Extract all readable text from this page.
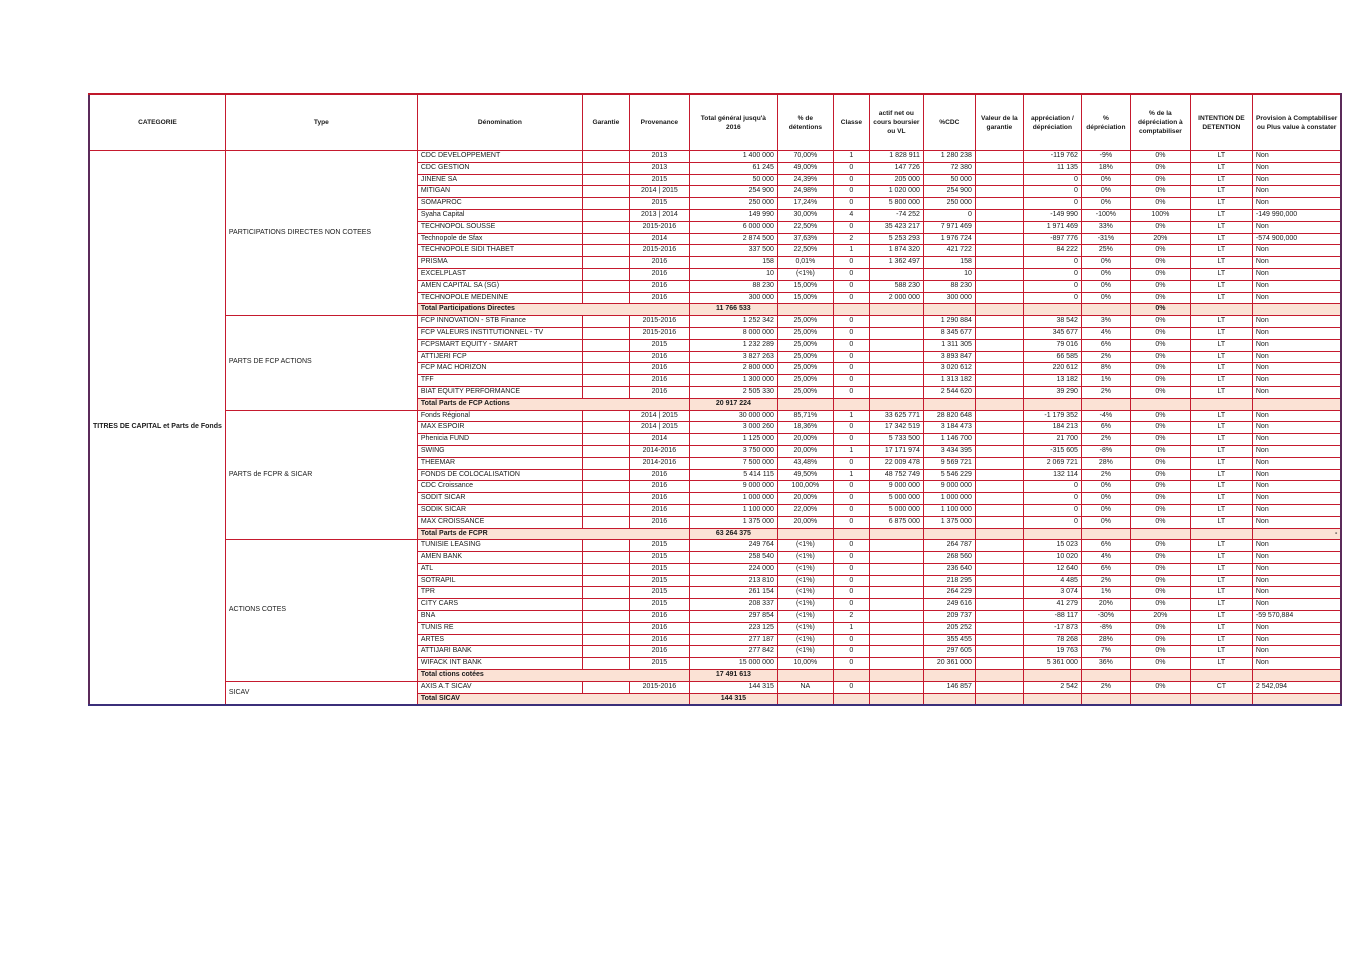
CATEGORIE	Type	Dénomination	Garantie	Provenance	Total général jusqu'à 2016	% de détentions	Classe	actif net ou cours boursier ou VL	%CDC	Valeur de la garantie	appréciation / dépréciation	% dépréciation	% de la dépréciation à comptabiliser	INTENTION DE DETENTION	Provision à Comptabiliser ou Plus value à constater
TITRES DE CAPITAL et Parts de Fonds	PARTICIPATIONS DIRECTES NON COTEES	CDC DEVELOPPEMENT		2013	1 400 000	70,00%	1	1 828 911	1 280 238		-119 762	-9%	0%	LT	Non
		CDC GESTION		2013	61 245	49,00%	0	147 726	72 380		11 135	18%	0%	LT	Non
		JINENE SA		2015	50 000	24,39%	0	205 000	50 000		0	0%	0%	LT	Non
		MITIGAN		2014 | 2015	254 900	24,98%	0	1 020 000	254 900		0	0%	0%	LT	Non
		SOMAPROC		2015	250 000	17,24%	0	5 800 000	250 000		0	0%	0%	LT	Non
		Syaha Capital		2013 | 2014	149 990	30,00%	4	-74 252	0		-149 990	-100%	100%	LT	-149 990,000
		TECHNOPOL SOUSSE		2015-2016	6 000 000	22,50%	0	35 423 217	7 971 469		1 971 469	33%	0%	LT	Non
		Technopole de Sfax		2014	2 874 500	37,63%	2	5 253 293	1 976 724		-897 776	-31%	20%	LT	-574 900,000
		TECHNOPOLE SIDI THABET		2015-2016	337 500	22,50%	1	1 874 320	421 722		84 222	25%	0%	LT	Non
		PRISMA		2016	158	0,01%	0	1 362 497	158		0	0%	0%	LT	Non
		EXCELPLAST		2016	10	(<1%)	0		10		0	0%	0%	LT	Non
		AMEN CAPITAL SA (SG)		2016	88 230	15,00%	0	588 230	88 230		0	0%	0%	LT	Non
		TECHNOPOLE MEDENINE		2016	300 000	15,00%	0	2 000 000	300 000		0	0%	0%	LT	Non
		Total Participations Directes			11 766 533								0%		
	PARTS DE FCP ACTIONS	FCP INNOVATION - STB Finance		2015-2016	1 252 342	25,00%	0		1 290 884		38 542	3%	0%	LT	Non
		FCP VALEURS INSTITUTIONNEL - TV		2015-2016	8 000 000	25,00%	0		8 345 677		345 677	4%	0%	LT	Non
		FCPSMART EQUITY - SMART		2015	1 232 289	25,00%	0		1 311 305		79 016	6%	0%	LT	Non
		ATTIJERI FCP		2016	3 827 263	25,00%	0		3 893 847		66 585	2%	0%	LT	Non
		FCP MAC HORIZON		2016	2 800 000	25,00%	0		3 020 612		220 612	8%	0%	LT	Non
		TFF		2016	1 300 000	25,00%	0		1 313 182		13 182	1%	0%	LT	Non
		BIAT EQUITY PERFORMANCE		2016	2 505 330	25,00%	0		2 544 620		39 290	2%	0%	LT	Non
		Total Parts de FCP Actions			20 917 224										
	PARTS de FCPR & SICAR	Fonds Régional		2014 | 2015	30 000 000	85,71%	1	33 625 771	28 820 648		-1 179 352	-4%	0%	LT	Non
		MAX ESPOIR		2014 | 2015	3 000 260	18,36%	0	17 342 519	3 184 473		184 213	6%	0%	LT	Non
		Phenicia FUND		2014	1 125 000	20,00%	0	5 733 500	1 146 700		21 700	2%	0%	LT	Non
		SWING		2014-2016	3 750 000	20,00%	1	17 171 974	3 434 395		-315 605	-8%	0%	LT	Non
		THEEMAR		2014-2016	7 500 000	43,48%	0	22 009 478	9 569 721		2 069 721	28%	0%	LT	Non
		FONDS DE COLOCALISATION		2016	5 414 115	49,50%	1	48 752 749	5 546 229		132 114	2%	0%	LT	Non
		CDC Croissance		2016	9 000 000	100,00%	0	9 000 000	9 000 000		0	0%	0%	LT	Non
		SODIT SICAR		2016	1 000 000	20,00%	0	5 000 000	1 000 000		0	0%	0%	LT	Non
		SODIK SICAR		2016	1 100 000	22,00%	0	5 000 000	1 100 000		0	0%	0%	LT	Non
		MAX CROISSANCE		2016	1 375 000	20,00%	0	6 875 000	1 375 000		0	0%	0%	LT	Non
		Total Parts de FCPR			63 264 375										-
	ACTIONS COTES	TUNISIE LEASING		2015	249 764	(<1%)	0		264 787		15 023	6%	0%	LT	Non
		AMEN BANK		2015	258 540	(<1%)	0		268 560		10 020	4%	0%	LT	Non
		ATL		2015	224 000	(<1%)	0		236 640		12 640	6%	0%	LT	Non
		SOTRAPIL		2015	213 810	(<1%)	0		218 295		4 485	2%	0%	LT	Non
		TPR		2015	261 154	(<1%)	0		264 229		3 074	1%	0%	LT	Non
		CITY CARS		2015	208 337	(<1%)	0		249 616		41 279	20%	0%	LT	Non
		BNA		2016	297 854	(<1%)	2		209 737		-88 117	-30%	20%	LT	-59 570,884
		TUNIS RE		2016	223 125	(<1%)	1		205 252		-17 873	-8%	0%	LT	Non
		ARTES		2016	277 187	(<1%)	0		355 455		78 268	28%	0%	LT	Non
		ATTIJARI BANK		2016	277 842	(<1%)	0		297 605		19 763	7%	0%	LT	Non
		WIFACK INT BANK		2015	15 000 000	10,00%	0		20 361 000		5 361 000	36%	0%	LT	Non
		Total ctions cotées			17 491 613										
	SICAV	AXIS A.T SICAV		2015-2016	144 315	NA	0		146 857		2 542	2%	0%	CT	2 542,094
		Total SICAV			144 315										
